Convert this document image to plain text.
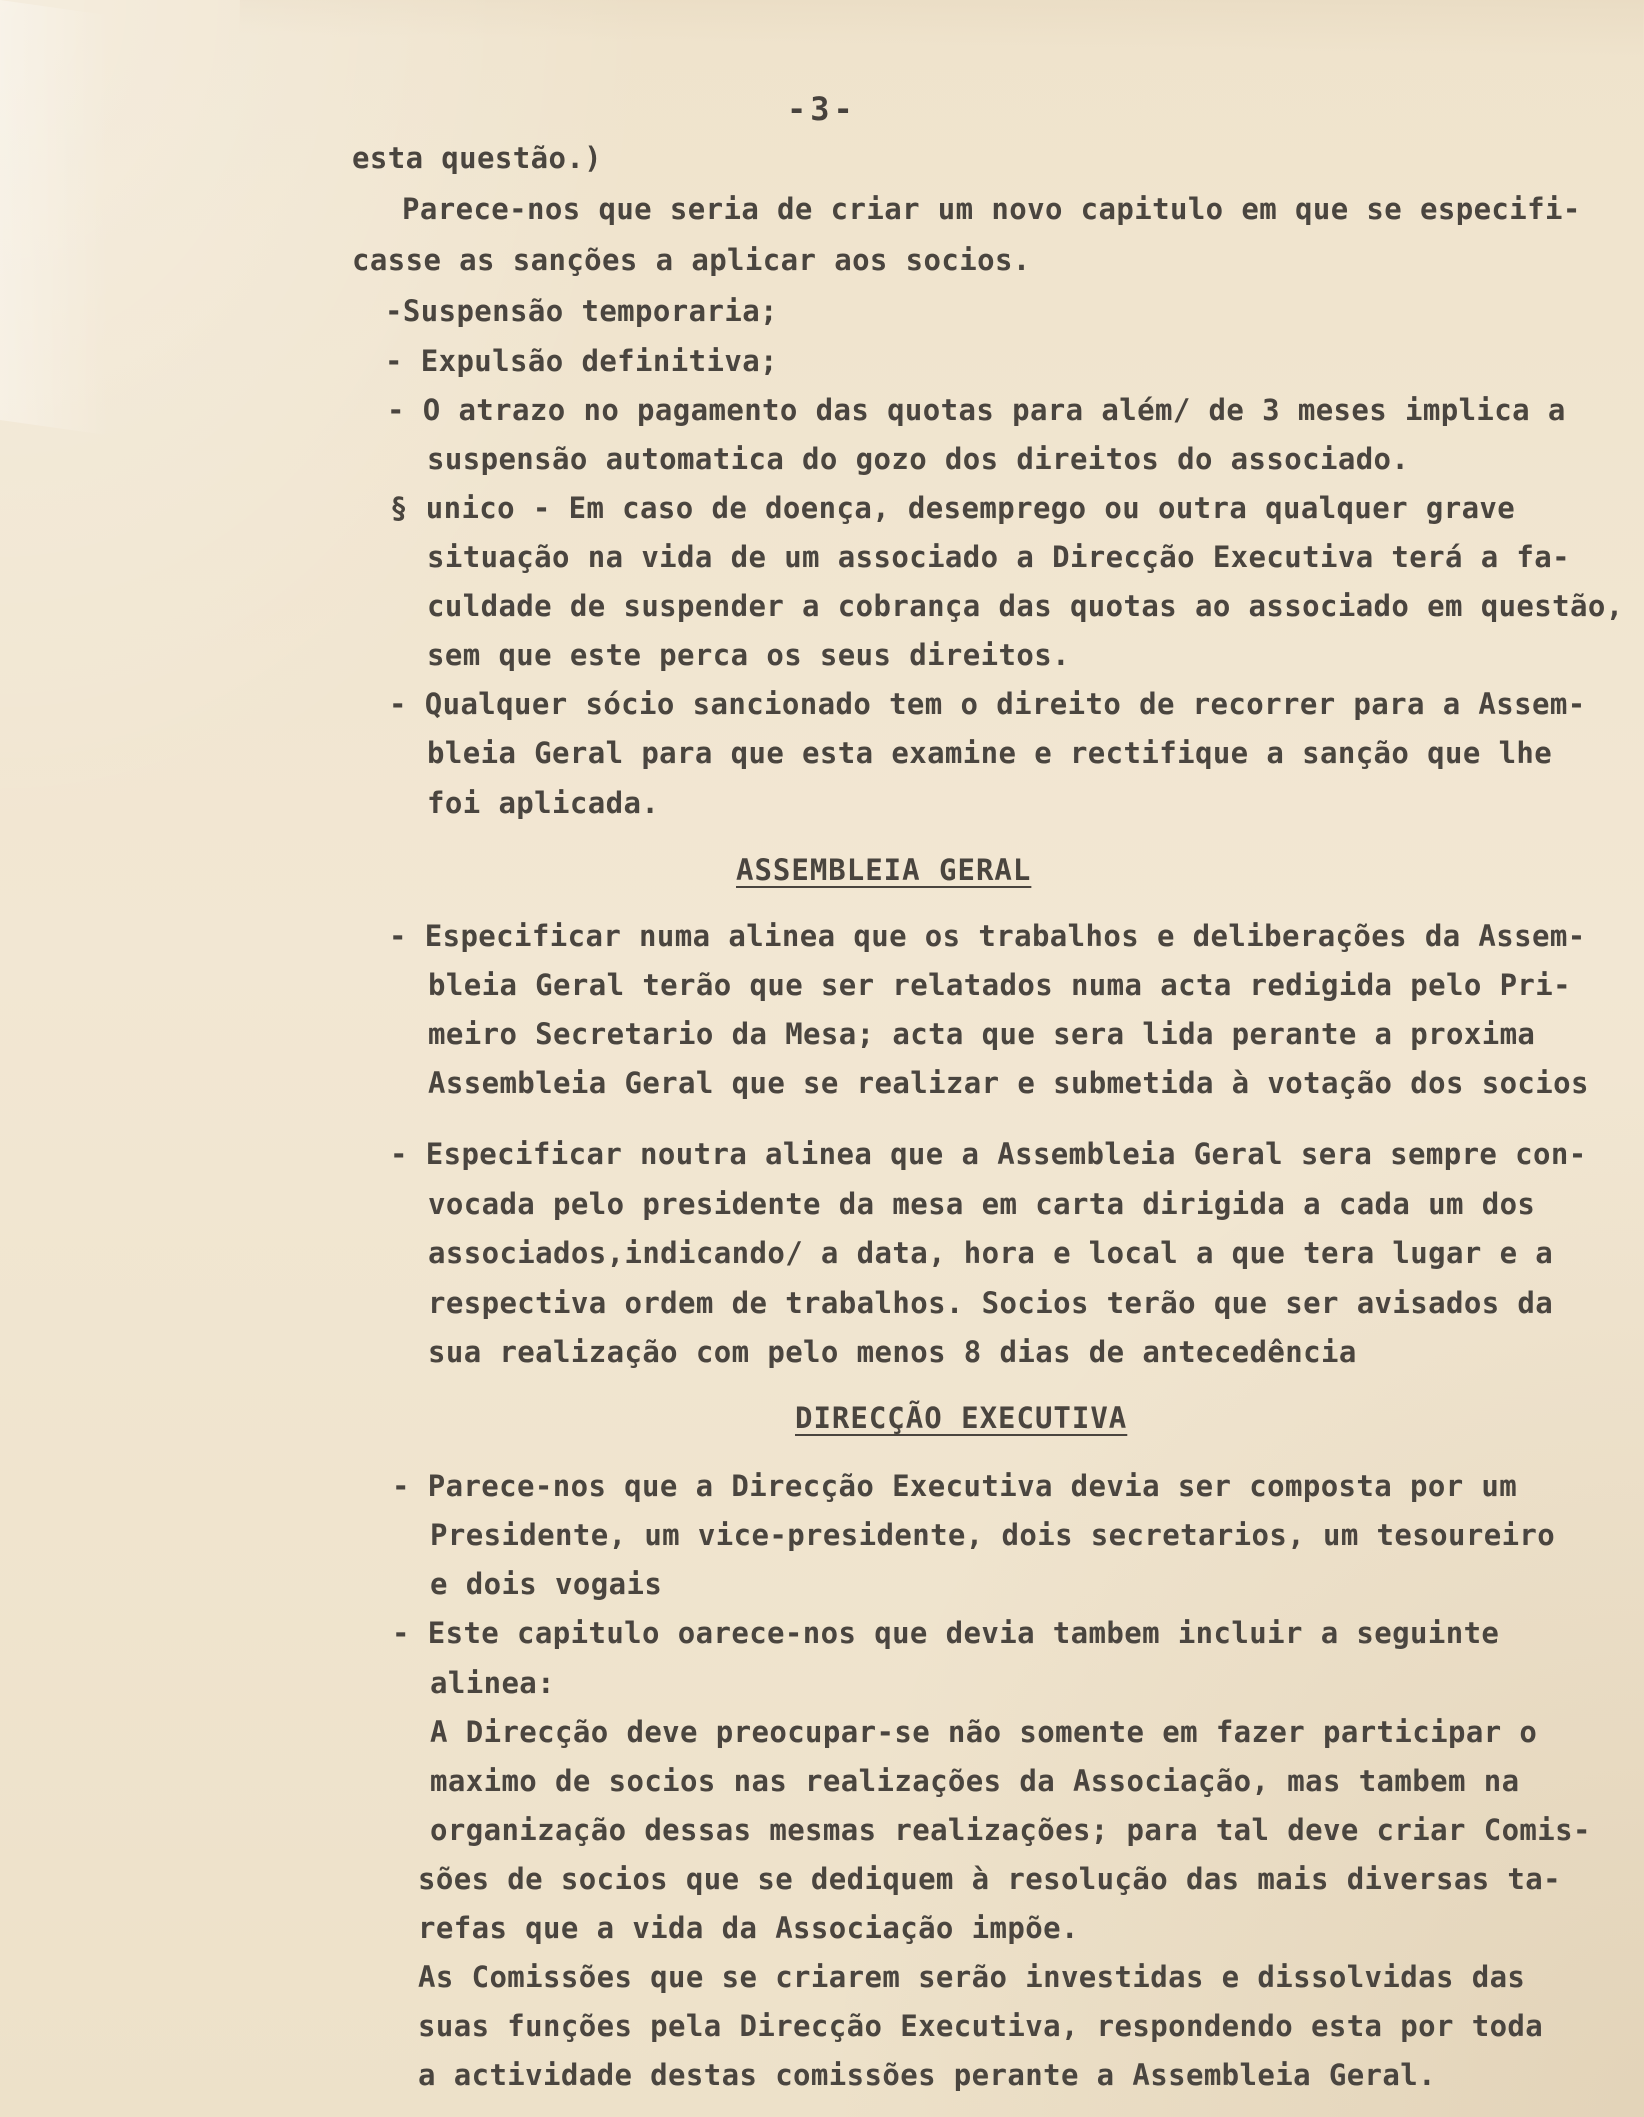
-3-
esta questão.)
Parece-nos que seria de criar um novo capitulo em que se especifi-
casse as sanções a aplicar aos socios.
-Suspensão temporaria;
- Expulsão definitiva;
- O atrazo no pagamento das quotas para além/ de 3 meses implica a
suspensão automatica do gozo dos direitos do associado.
§ unico - Em caso de doença, desemprego ou outra qualquer grave
situação na vida de um associado a Direcção Executiva terá a fa-
culdade de suspender a cobrança das quotas ao associado em questão,
sem que este perca os seus direitos.
- Qualquer sócio sancionado tem o direito de recorrer para a Assem-
bleia Geral para que esta examine e rectifique a sanção que lhe
foi aplicada.
ASSEMBLEIA GERAL
- Especificar numa alinea que os trabalhos e deliberações da Assem-
bleia Geral terão que ser relatados numa acta redigida pelo Pri-
meiro Secretario da Mesa; acta que sera lida perante a proxima
Assembleia Geral que se realizar e submetida à votação dos socios
- Especificar noutra alinea que a Assembleia Geral sera sempre con-
vocada pelo presidente da mesa em carta dirigida a cada um dos
associados,indicando/ a data, hora e local a que tera lugar e a
respectiva ordem de trabalhos. Socios terão que ser avisados da
sua realização com pelo menos 8 dias de antecedência
DIRECÇÃO EXECUTIVA
- Parece-nos que a Direcção Executiva devia ser composta por um
Presidente, um vice-presidente, dois secretarios, um tesoureiro
e dois vogais
- Este capitulo oarece-nos que devia tambem incluir a seguinte
alinea:
A Direcção deve preocupar-se não somente em fazer participar o
maximo de socios nas realizações da Associação, mas tambem na
organização dessas mesmas realizações; para tal deve criar Comis-
sões de socios que se dediquem à resolução das mais diversas ta-
refas que a vida da Associação impõe.
As Comissões que se criarem serão investidas e dissolvidas das
suas funções pela Direcção Executiva, respondendo esta por toda
a actividade destas comissões perante a Assembleia Geral.
